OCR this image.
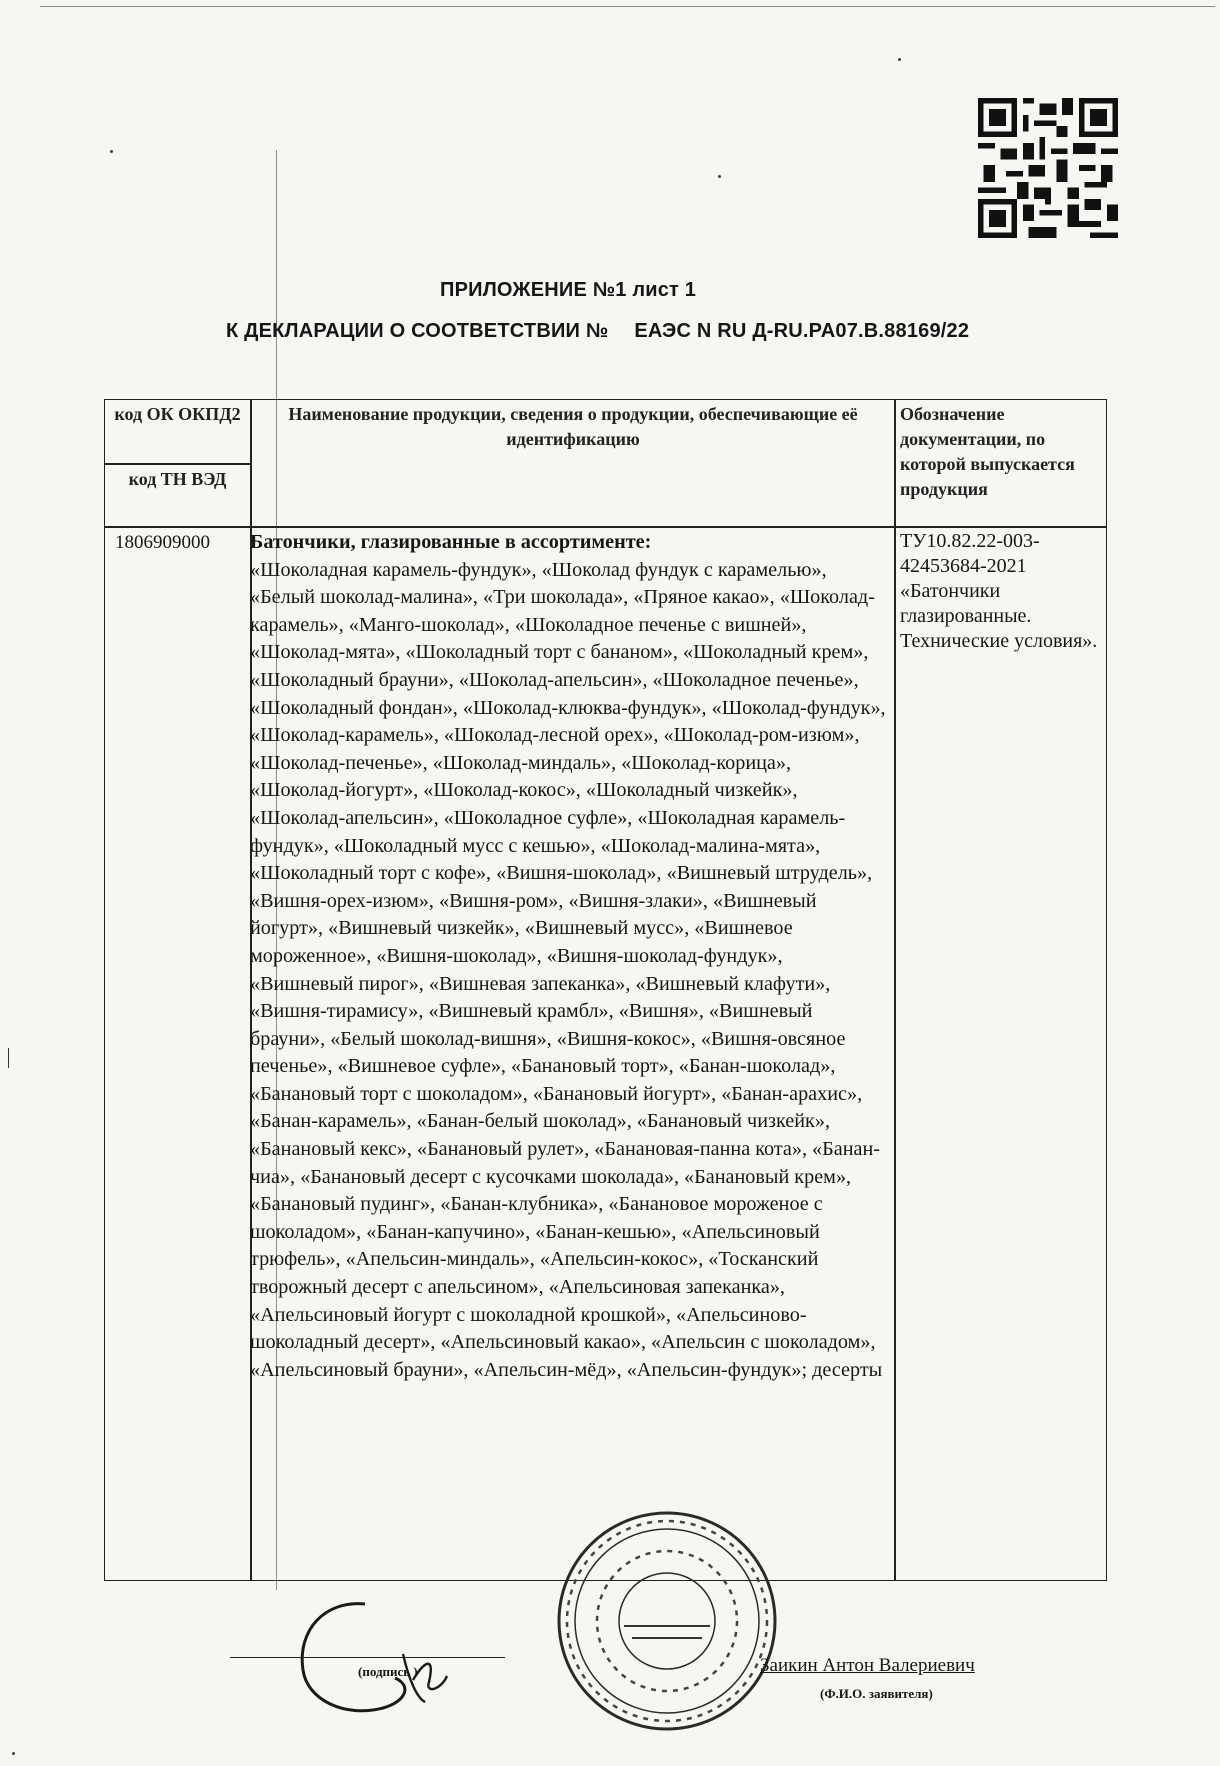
ПРИЛОЖЕНИЕ №1 лист 1
К ДЕКЛАРАЦИИ О СООТВЕТСТВИИ № ЕАЭС N RU Д-RU.PA07.B.88169/22
код ОК ОКПД2
код ТН ВЭД
Наименование продукции, сведения о продукции, обеспечивающие её идентификацию
Обозначение документации, по которой выпускается продукция
1806909000 Батончики, глазированные в ассортименте:
«Шоколадная карамель-фундук», «Шоколад фундук с карамелью», «Белый шоколад-малина», «Три шоколада», «Пряное какао», «Шоколад-карамель», «Манго-шоколад», «Шоколадное печенье с вишней», «Шоколад-мята», «Шоколадный торт с бананом», «Шоколадный крем», «Шоколадный брауни», «Шоколад-апельсин», «Шоколадное печенье», «Шоколадный фондан», «Шоколад-клюква-фундук», «Шоколад-фундук», «Шоколад-карамель», «Шоколад-лесной орех», «Шоколад-ром-изюм», «Шоколад-печенье», «Шоколад-миндаль», «Шоколад-корица», «Шоколад-йогурт», «Шоколад-кокос», «Шоколадный чизкейк», «Шоколад-апельсин», «Шоколадное суфле», «Шоколадная карамель-фундук», «Шоколадный мусс с кешью», «Шоколад-малина-мята», «Шоколадный торт с кофе», «Вишня-шоколад», «Вишневый штрудель», «Вишня-орех-изюм», «Вишня-ром», «Вишня-злаки», «Вишневый йогурт», «Вишневый чизкейк», «Вишневый мусс», «Вишневое мороженное», «Вишня-шоколад», «Вишня-шоколад-фундук», «Вишневый пирог», «Вишневая запеканка», «Вишневый клафути», «Вишня-тирамису», «Вишневый крамбл», «Вишня», «Вишневый брауни», «Белый шоколад-вишня», «Вишня-кокос», «Вишня-овсяное печенье», «Вишневое суфле», «Банановый торт», «Банан-шоколад», «Банановый торт с шоколадом», «Банановый йогурт», «Банан-арахис», «Банан-карамель», «Банан-белый шоколад», «Банановый чизкейк», «Банановый кекс», «Банановый рулет», «Банановая-панна кота», «Банан-чиа», «Банановый десерт с кусочками шоколада», «Банановый крем», «Банановый пудинг», «Банан-клубника», «Банановое мороженое с шоколадом», «Банан-капучино», «Банан-кешью», «Апельсиновый трюфель», «Апельсин-миндаль», «Апельсин-кокос», «Тосканский творожный десерт с апельсином», «Апельсиновая запеканка», «Апельсиновый йогурт с шоколадной крошкой», «Апельсиново-шоколадный десерт», «Апельсиновый какао», «Апельсин с шоколадом», «Апельсиновый брауни», «Апельсин-мёд», «Апельсин-фундук»; десерты
ТУ10.82.22-003-42453684-2021 «Батончики глазированные. Технические условия».
(подпись )	Заикин Антон Валериевич
(Ф.И.О. заявителя)
